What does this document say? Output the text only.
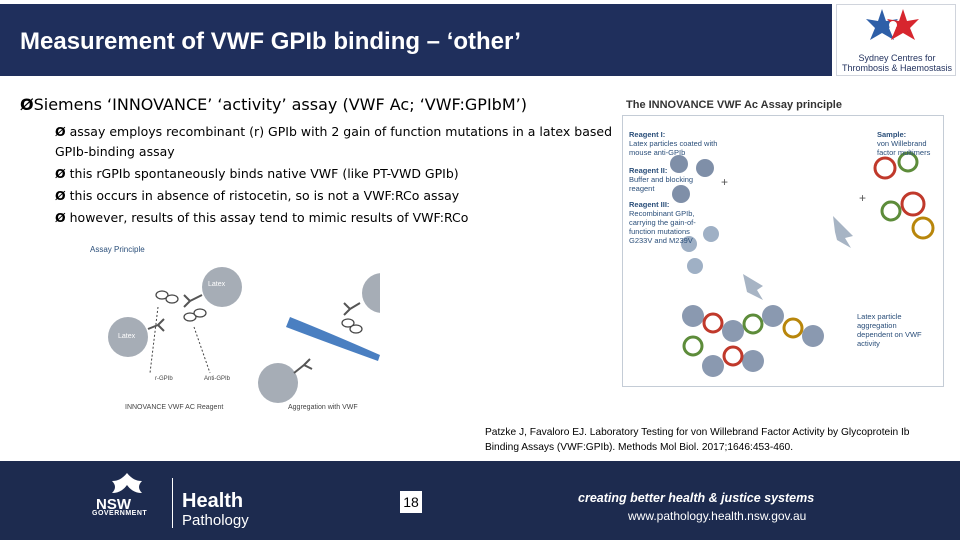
Measurement of VWF GPIb binding – ‘other’
Sydney Centres for
Thrombosis & Haemostasis
ØSiemens ‘INNOVANCE’ ‘activity’ assay (VWF Ac; ‘VWF:GPIbM’)
Ø assay employs recombinant (r) GPIb with 2 gain of function mutations in a latex based GPIb-binding assay
Ø this rGPIb spontaneously binds native VWF (like PT-VWD GPIb)
Ø this occurs in absence of ristocetin, so is not a VWF:RCo assay
Ø however, results of this assay tend to mimic results of VWF:RCo
The INNOVANCE VWF Ac Assay principle
Reagent I:
Latex particles coated with mouse anti-GPIb
Reagent II:
Buffer and blocking reagent
Reagent III:
Recombinant GPIb, carrying the gain-of-function mutations G233V and M239V
Sample:
von Willebrand factor multimers
Latex particle aggregation dependent on VWF activity
+
+
Assay Principle
Latex
Latex
VWF
r-GPIb	Anti-GPIb
INNOVANCE VWF AC Reagent	Aggregation with VWF
Patzke J, Favaloro EJ. Laboratory Testing for von Willebrand Factor Activity by Glycoprotein Ib Binding Assays (VWF:GPIb). Methods Mol Biol. 2017;1646:453-460.
NSW
GOVERNMENT
Health
Pathology
18	creating better health & justice systems
www.pathology.health.nsw.gov.au
